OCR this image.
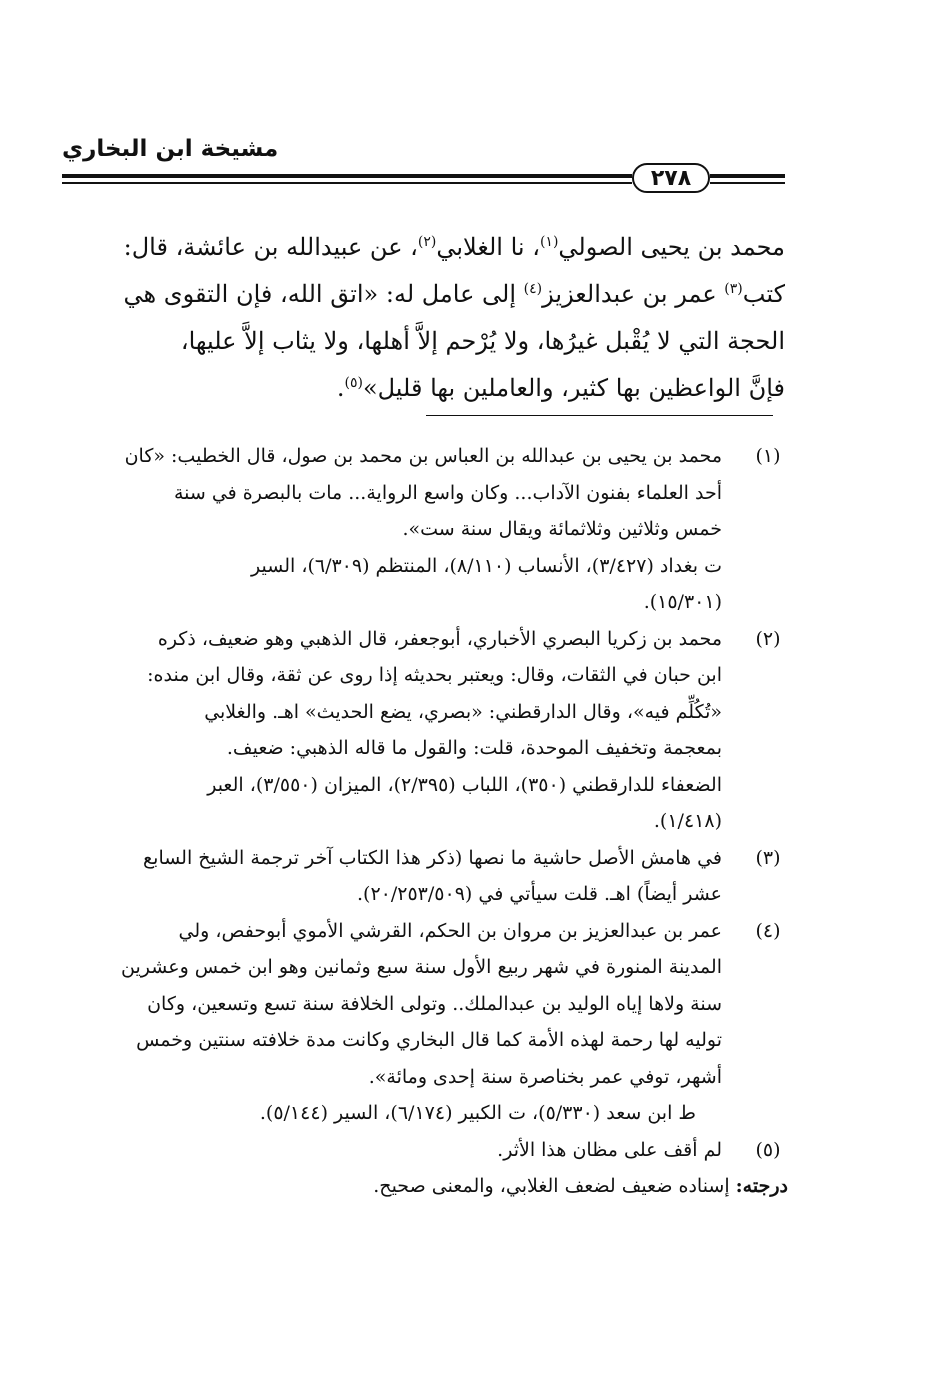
مشيخة ابن البخاري
٢٧٨
محمد بن يحيى الصولي$^{(١)}$، نا الغلابي$^{(٢)}$، عن عبيدالله بن عائشة، قال:
كتب$^{(٣)}$ عمر بن عبدالعزيز$^{(٤)}$ إلى عامل له: «اتق الله، فإن التقوى هي
الحجة التي لا يُقْبل غيرُها، ولا يُرْحم إلاَّ أهلها، ولا يثاب إلاَّ عليها،
فإنَّ الواعظين بها كثير، والعاملين بها قليل»$^{(٥)}$.
(١)
محمد بن يحيى بن عبدالله بن العباس بن محمد بن صول، قال الخطيب: «كان
أحد العلماء بفنون الآداب... وكان واسع الرواية... مات بالبصرة في سنة
خمس وثلاثين وثلاثمائة ويقال سنة ست».
ت بغداد (٣/٤٢٧)، الأنساب (٨/١١٠)، المنتظم (٦/٣٠٩)، السير
(١٥/٣٠١).
(٢)
محمد بن زكريا البصري الأخباري، أبوجعفر، قال الذهبي وهو ضعيف، ذكره
ابن حبان في الثقات، وقال: ويعتبر بحديثه إذا روى عن ثقة، وقال ابن منده:
«تُكُلِّم فيه»، وقال الدارقطني: «بصري، يضع الحديث» اهـ. والغلابي
بمعجمة وتخفيف الموحدة، قلت: والقول ما قاله الذهبي: ضعيف.
الضعفاء للدارقطني (٣٥٠)، اللباب (٢/٣٩٥)، الميزان (٣/٥٥٠)، العبر
(١/٤١٨).
(٣)
في هامش الأصل حاشية ما نصها (ذكر هذا الكتاب آخر ترجمة الشيخ السابع
عشر أيضاً) اهـ. قلت سيأتي في (٢٠/٢٥٣/٥٠٩).
(٤)
عمر بن عبدالعزيز بن مروان بن الحكم، القرشي الأموي أبوحفص، ولي
المدينة المنورة في شهر ربيع الأول سنة سبع وثمانين وهو ابن خمس وعشرين
سنة ولاها إياه الوليد بن عبدالملك.. وتولى الخلافة سنة تسع وتسعين، وكان
توليه لها رحمة لهذه الأمة كما قال البخاري وكانت مدة خلافته سنتين وخمس
أشهر، توفي عمر بخناصرة سنة إحدى ومائة».
ط ابن سعد (٥/٣٣٠)، ت الكبير (٦/١٧٤)، السير (٥/١٤٤).
(٥)
لم أقف على مظان هذا الأثر.
درجته: إسناده ضعيف لضعف الغلابي، والمعنى صحيح.
